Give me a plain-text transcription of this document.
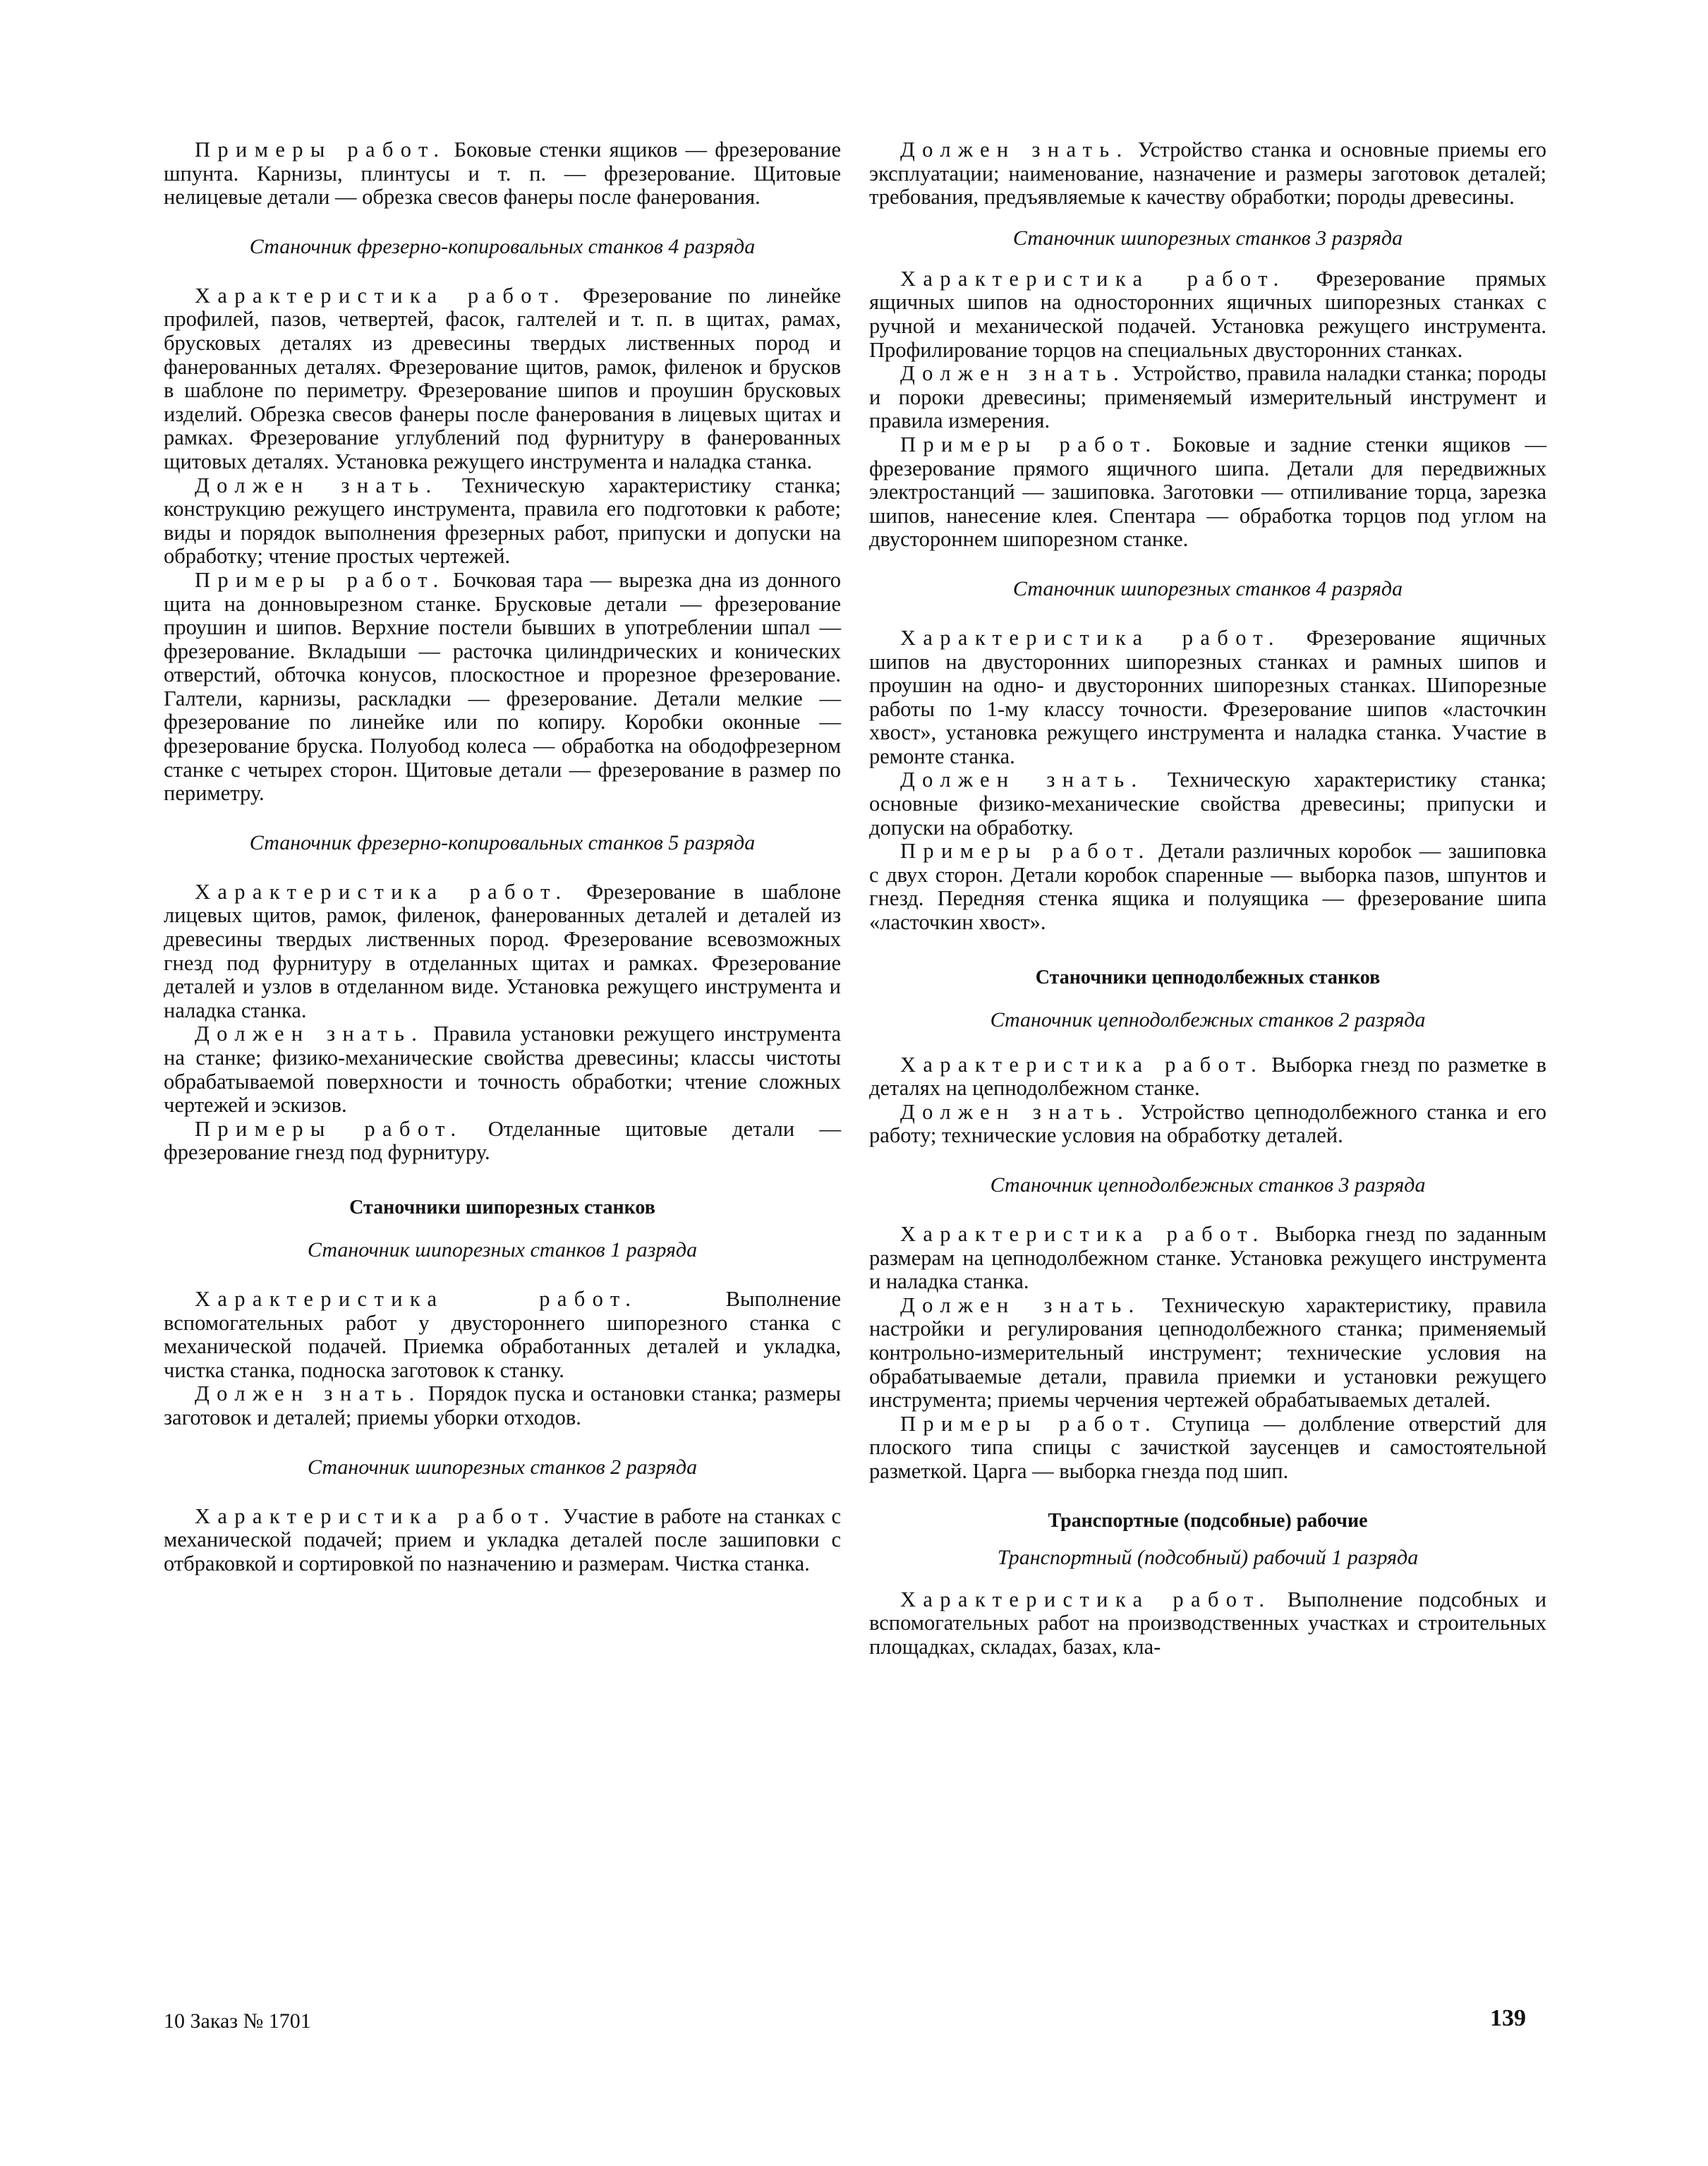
Примеры работ. Боковые стенки ящиков — фрезерование шпунта. Карнизы, плинтусы и т. п. — фрезерование. Щитовые нелицевые детали — обрезка свесов фанеры после фанерования.

Станочник фрезерно-копировальных станков 4 разряда

Характеристика работ. Фрезерование по линейке профилей, пазов, четвертей, фасок, галтелей и т. п. в щитах, рамах, брусковых деталях из древесины твердых лиственных пород и фанерованных деталях. Фрезерование щитов, рамок, филенок и брусков в шаблоне по периметру. Фрезерование шипов и проушин брусковых изделий. Обрезка свесов фанеры после фанерования в лицевых щитах и рамках. Фрезерование углублений под фурнитуру в фанерованных щитовых деталях. Установка режущего инструмента и наладка станка.

Должен знать. Техническую характеристику станка; конструкцию режущего инструмента, правила его подготовки к работе; виды и порядок выполнения фрезерных работ, припуски и допуски на обработку; чтение простых чертежей.

Примеры работ. Бочковая тара — вырезка дна из донного щита на донновырезном станке. Брусковые детали — фрезерование проушин и шипов. Верхние постели бывших в употреблении шпал — фрезерование. Вкладыши — расточка цилиндрических и конических отверстий, обточка конусов, плоскостное и прорезное фрезерование. Галтели, карнизы, раскладки — фрезерование. Детали мелкие — фрезерование по линейке или по копиру. Коробки оконные — фрезерование бруска. Полуобод колеса — обработка на ободофрезерном станке с четырех сторон. Щитовые детали — фрезерование в размер по периметру.

Станочник фрезерно-копировальных станков 5 разряда

Характеристика работ. Фрезерование в шаблоне лицевых щитов, рамок, филенок, фанерованных деталей и деталей из древесины твердых лиственных пород. Фрезерование всевозможных гнезд под фурнитуру в отделанных щитах и рамках. Фрезерование деталей и узлов в отделанном виде. Установка режущего инструмента и наладка станка.

Должен знать. Правила установки режущего инструмента на станке; физико-механические свойства древесины; классы чистоты обрабатываемой поверхности и точность обработки; чтение сложных чертежей и эскизов.

Примеры работ. Отделанные щитовые детали — фрезерование гнезд под фурнитуру.

Станочники шипорезных станков
Станочник шипорезных станков 1 разряда

Характеристика работ. Выполнение вспомогательных работ у двустороннего шипорезного станка с механической подачей. Приемка обработанных деталей и укладка, чистка станка, подноска заготовок к станку.

Должен знать. Порядок пуска и остановки станка; размеры заготовок и деталей; приемы уборки отходов.

Станочник шипорезных станков 2 разряда

Характеристика работ. Участие в работе на станках с механической подачей; прием и укладка деталей после зашиповки с отбраковкой и сортировкой по назначению и размерам. Чистка станка.

Должен знать. Устройство станка и основные приемы его эксплуатации; наименование, назначение и размеры заготовок деталей; требования, предъявляемые к качеству обработки; породы древесины.

Станочник шипорезных станков 3 разряда

Характеристика работ. Фрезерование прямых ящичных шипов на односторонних ящичных шипорезных станках с ручной и механической подачей. Установка режущего инструмента. Профилирование торцов на специальных двусторонних станках.

Должен знать. Устройство, правила наладки станка; породы и пороки древесины; применяемый измерительный инструмент и правила измерения.

Примеры работ. Боковые и задние стенки ящиков — фрезерование прямого ящичного шипа. Детали для передвижных электростанций — зашиповка. Заготовки — отпиливание торца, зарезка шипов, нанесение клея. Спентара — обработка торцов под углом на двустороннем шипорезном станке.

Станочник шипорезных станков 4 разряда

Характеристика работ. Фрезерование ящичных шипов на двусторонних шипорезных станках и рамных шипов и проушин на одно- и двусторонних шипорезных станках. Шипорезные работы по 1-му классу точности. Фрезерование шипов «ласточкин хвост», установка режущего инструмента и наладка станка. Участие в ремонте станка.

Должен знать. Техническую характеристику станка; основные физико-механические свойства древесины; припуски и допуски на обработку.

Примеры работ. Детали различных коробок — зашиповка с двух сторон. Детали коробок спаренные — выборка пазов, шпунтов и гнезд. Передняя стенка ящика и полуящика — фрезерование шипа «ласточкин хвост».

Станочники цепнодолбежных станков
Станочник цепнодолбежных станков 2 разряда

Характеристика работ. Выборка гнезд по разметке в деталях на цепнодолбежном станке.

Должен знать. Устройство цепнодолбежного станка и его работу; технические условия на обработку деталей.

Станочник цепнодолбежных станков 3 разряда

Характеристика работ. Выборка гнезд по заданным размерам на цепнодолбежном станке. Установка режущего инструмента и наладка станка.

Должен знать. Техническую характеристику, правила настройки и регулирования цепнодолбежного станка; применяемый контрольно-измерительный инструмент; технические условия на обрабатываемые детали, правила приемки и установки режущего инструмента; приемы черчения чертежей обрабатываемых деталей.

Примеры работ. Ступица — долбление отверстий для плоского типа спицы с зачисткой заусенцев и самостоятельной разметкой. Царга — выборка гнезда под шип.

Транспортные (подсобные) рабочие
Транспортный (подсобный) рабочий 1 разряда

Характеристика работ. Выполнение подсобных и вспомогательных работ на производственных участках и строительных площадках, складах, базах, кла-

10 Заказ № 1701	139
